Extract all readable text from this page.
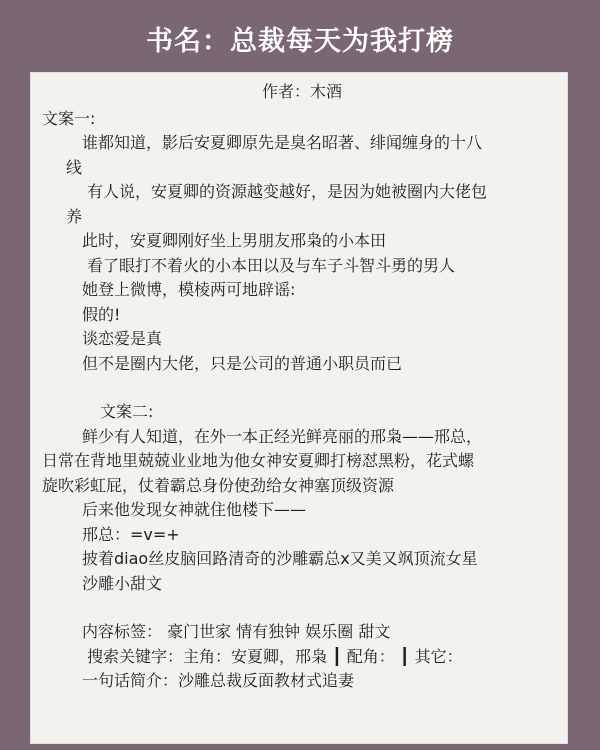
书名：总裁每天为我打榜
作者：木酒
文案一:
谁都知道，影后安夏卿原先是臭名昭著、绯闻缠身的十八
线
有人说，安夏卿的资源越变越好，是因为她被圈内大佬包
养
此时，安夏卿刚好坐上男朋友邢枭的小本田
看了眼打不着火的小本田以及与车子斗智斗勇的男人
她登上微博，模棱两可地辟谣:
假的!
谈恋爱是真
但不是圈内大佬，只是公司的普通小职员而已
文案二:
鲜少有人知道，在外一本正经光鲜亮丽的邢枭——邢总，
日常在背地里兢兢业业地为他女神安夏卿打榜怼黑粉，花式螺
旋吹彩虹屁，仗着霸总身份使劲给女神塞顶级资源
后来他发现女神就住他楼下——
邢总：=v=+
披着diao丝皮脑回路清奇的沙雕霸总x又美又飒顶流女星
沙雕小甜文
内容标签： 豪门世家 情有独钟 娱乐圈 甜文
搜索关键字：主角：安夏卿，邢枭 ┃ 配角： ┃ 其它：
一句话简介：沙雕总裁反面教材式追妻
